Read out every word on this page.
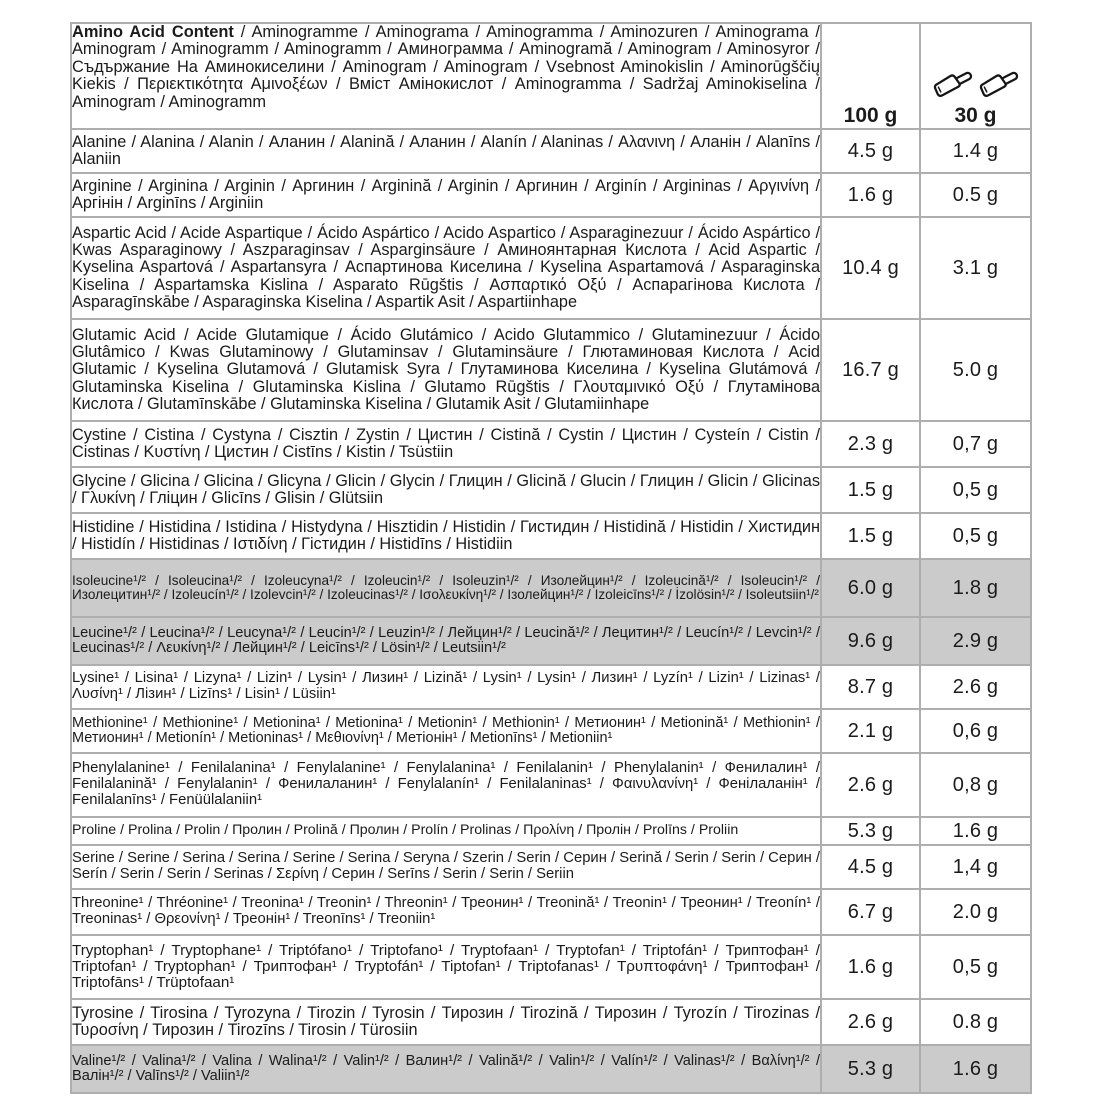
Amino Acid Content / Aminogramme / Aminograma / Aminogramma / Aminozuren / Aminograma / Aminogram / Aminogramm / Aminogramm / Аминограмма / Aminogramă / Aminogram / Aminosyror / Съдържание На Аминокиселини / Aminogram / Aminogram / Vsebnost Aminokislin / Aminorūgščių Kiekis / Περιεκτικότητα Αμινοξέων / Вміст Амінокислот / Aminogramma / Sadržaj Aminokiselina / Aminogram / Aminogramm	100 g	30 g

Alanine / Alanina / Alanin / Аланин / Alanină / Аланин / Alanín / Alaninas / Αλανινη / Аланін / Alanīns / Alaniin	4.5 g	1.4 g
Arginine / Arginina / Arginin / Аргинин / Arginină / Arginin / Аргинин / Arginín / Argininas / Αργινίνη / Аргінін / Arginīns / Arginiin	1.6 g	0.5 g
Aspartic Acid / Acide Aspartique / Ácido Aspártico / Acido Aspartico / Asparaginezuur / Ácido Aspártico / Kwas Asparaginowy / Aszparaginsav / Asparginsäure / Аминоянтарная Кислота / Acid Aspartic / Kyselina Aspartová / Aspartansyra / Аспартинова Киселина / Kyselina Aspartamová / Asparaginska Kiselina / Aspartamska Kislina / Asparato Rūgštis / Ασπαρτικό Οξύ / Аспарагінова Кислота / Asparagīnskābe / Asparaginska Kiselina / Aspartik Asit / Aspartiinhape	10.4 g	3.1 g
Glutamic Acid / Acide Glutamique / Ácido Glutámico / Acido Glutammico / Glutaminezuur / Ácido Glutâmico / Kwas Glutaminowy / Glutaminsav / Glutaminsäure / Глютаминовая Кислота / Acid Glutamic / Kyselina Glutamová / Glutamisk Syra / Глутаминова Киселина / Kyselina Glutámová / Glutaminska Kiselina / Glutaminska Kislina / Glutamo Rūgštis / Γλουταμινικό Οξύ / Глутамінова Кислота / Glutamīnskābe / Glutaminska Kiselina / Glutamik Asit / Glutamiinhape	16.7 g	5.0 g
Cystine / Cistina / Cystyna / Cisztin / Zystin / Цистин / Cistină / Cystin / Цистин / Cysteín / Cistin / Cistinas / Κυστίνη / Цистин / Cistīns / Kistin / Tsüstiin	2.3 g	0,7 g
Glycine / Glicina / Glicina / Glicyna / Glicin / Glycin / Глицин / Glicină / Glucin / Глицин / Glicin / Glicinas / Γλυκίνη / Гліцин / Glicīns / Glisin / Glütsiin	1.5 g	0,5 g
Histidine / Histidina / Istidina / Histydyna / Hisztidin / Histidin / Гистидин / Histidină / Histidin / Хистидин / Histidín / Histidinas / Ιστιδίνη / Гістидин / Histidīns / Histidiin	1.5 g	0,5 g
Isoleucine¹/² / Isoleucina¹/² / Izoleucyna¹/² / Izoleucin¹/² / Isoleuzin¹/² / Изолейцин¹/² / Izoleucină¹/² / Isoleucin¹/² / Изолецитин¹/² / Izoleucín¹/² / Izolevcin¹/² / Izoleucinas¹/² / Ισολευκίνη¹/² / Ізолейцин¹/² / Izoleicīns¹/² / İzolösin¹/² / Isoleutsiin¹/²	6.0 g	1.8 g
Leucine¹/² / Leucina¹/² / Leucyna¹/² / Leucin¹/² / Leuzin¹/² / Лейцин¹/² / Leucină¹/² / Лецитин¹/² / Leucín¹/² / Levcin¹/² / Leucinas¹/² / Λευκίνη¹/² / Лейцин¹/² / Leicīns¹/² / Lösin¹/² / Leutsiin¹/²	9.6 g	2.9 g
Lysine¹ / Lisina¹ / Lizyna¹ / Lizin¹ / Lysin¹ / Лизин¹ / Lizină¹ / Lysin¹ / Lysin¹ / Лизин¹ / Lyzín¹ / Lizin¹ / Lizinas¹ / Λυσίνη¹ / Лізин¹ / Lizīns¹ / Lisin¹ / Lüsiin¹	8.7 g	2.6 g
Methionine¹ / Methionine¹ / Metionina¹ / Metionina¹ / Metionin¹ / Methionin¹ / Метионин¹ / Metionină¹ / Methionin¹ / Метионин¹ / Metionín¹ / Metioninas¹ / Μεθιονίνη¹ / Метіонін¹ / Metionīns¹ / Metioniin¹	2.1 g	0,6 g
Phenylalanine¹ / Fenilalanina¹ / Fenylalanine¹ / Fenylalanina¹ / Fenilalanin¹ / Phenylalanin¹ / Фенилалин¹ / Fenilalanină¹ / Fenylalanin¹ / Фенилаланин¹ / Fenylalanín¹ / Fenilalaninas¹ / Φαινυλανίνη¹ / Фенілаланін¹ / Fenilalanīns¹ / Fenüülalaniin¹	2.6 g	0,8 g
Proline / Prolina / Prolin / Пролин / Prolină / Пролин / Prolín / Prolinas / Προλίνη / Пролін / Prolīns / Proliin	5.3 g	1.6 g
Serine / Serine / Serina / Serina / Serine / Serina / Seryna / Szerin / Serin / Серин / Serină / Serin / Serin / Серин / Serín / Serin / Serin / Serinas / Σερίνη / Серин / Serīns / Serin / Serin / Seriin	4.5 g	1,4 g
Threonine¹ / Thréonine¹ / Treonina¹ / Treonin¹ / Threonin¹ / Треонин¹ / Treonină¹ / Treonin¹ / Треонин¹ / Treonín¹ / Treoninas¹ / Θρεονίνη¹ / Треонін¹ / Treonīns¹ / Treoniin¹	6.7 g	2.0 g
Tryptophan¹ / Tryptophane¹ / Triptófano¹ / Triptofano¹ / Tryptofaan¹ / Tryptofan¹ / Triptofán¹ / Триптофан¹ / Triptofan¹ / Tryptophan¹ / Триптофан¹ / Tryptofán¹ / Tiptofan¹ / Triptofanas¹ / Τρυπτοφάνη¹ / Триптофан¹ / Triptofāns¹ / Trüptofaan¹	1.6 g	0,5 g
Tyrosine / Tirosina / Tyrozyna / Tirozin / Tyrosin / Тирозин / Tirozină / Тирозин / Tyrozín / Tirozinas / Τυροσίνη / Тирозин / Tirozīns / Tirosin / Türosiin	2.6 g	0.8 g
Valine¹/² / Valina¹/² / Valina / Walina¹/² / Valin¹/² / Валин¹/² / Valină¹/² / Valin¹/² / Valín¹/² / Valinas¹/² / Βαλίνη¹/² / Валін¹/² / Valīns¹/² / Valiin¹/²	5.3 g	1.6 g
